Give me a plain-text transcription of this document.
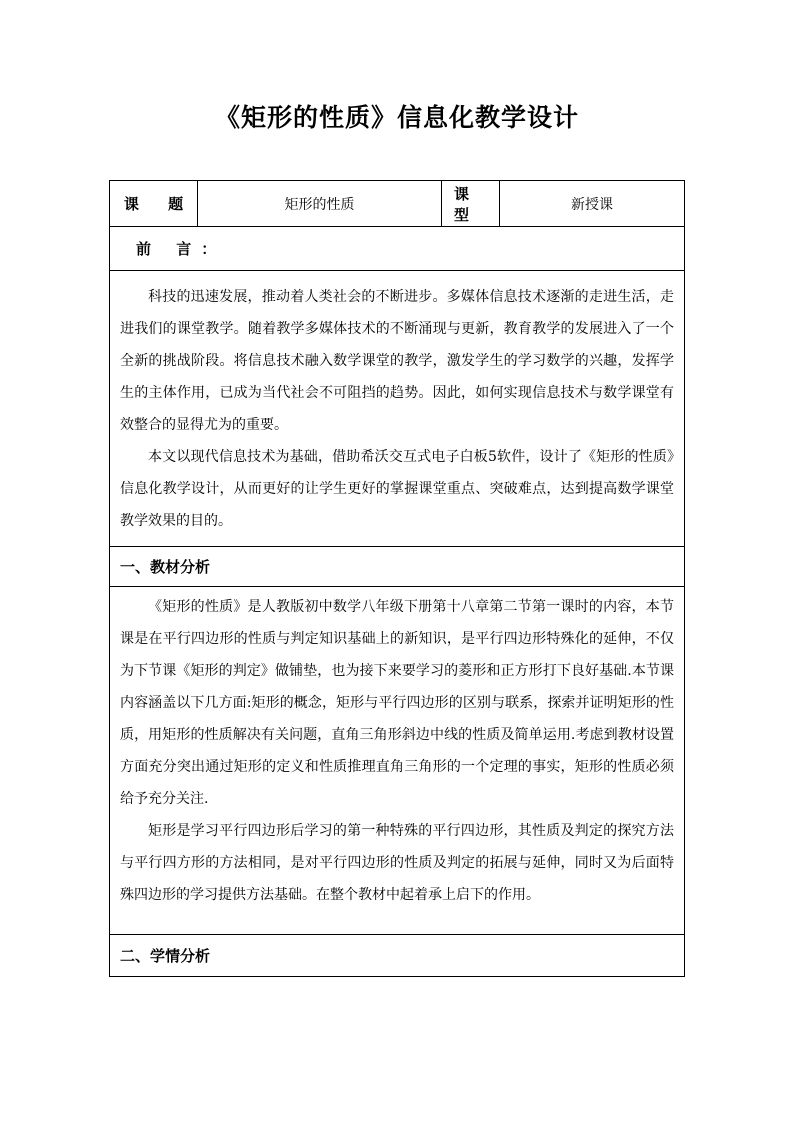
《矩形的性质》信息化教学设计
课 题	矩形的性质
课 型
新授课
前 言：

科技的迅速发展，推动着人类社会的不断进步。多媒体信息技术逐渐的走进生活，走进我们的课堂教学。随着教学多媒体技术的不断涌现与更新，教育教学的发展进入了一个全新的挑战阶段。将信息技术融入数学课堂的教学，激发学生的学习数学的兴趣，发挥学生的主体作用，已成为当代社会不可阻挡的趋势。因此，如何实现信息技术与数学课堂有效整合的显得尤为的重要。

本文以现代信息技术为基础，借助希沃交互式电子白板5软件，设计了《矩形的性质》信息化教学设计，从而更好的让学生更好的掌握课堂重点、突破难点，达到提高数学课堂教学效果的目的。

一、教材分析

《矩形的性质》是人教版初中数学八年级下册第十八章第二节第一课时的内容，本节课是在平行四边形的性质与判定知识基础上的新知识，是平行四边形特殊化的延伸，不仅为下节课《矩形的判定》做铺垫，也为接下来要学习的菱形和正方形打下良好基础.本节课内容涵盖以下几方面:矩形的概念，矩形与平行四边形的区别与联系，探索并证明矩形的性质，用矩形的性质解决有关问题，直角三角形斜边中线的性质及简单运用.考虑到教材设置方面充分突出通过矩形的定义和性质推理直角三角形的一个定理的事实，矩形的性质必须给予充分关注.

矩形是学习平行四边形后学习的第一种特殊的平行四边形，其性质及判定的探究方法与平行四方形的方法相同，是对平行四边形的性质及判定的拓展与延伸，同时又为后面特殊四边形的学习提供方法基础。在整个教材中起着承上启下的作用。

二、学情分析
